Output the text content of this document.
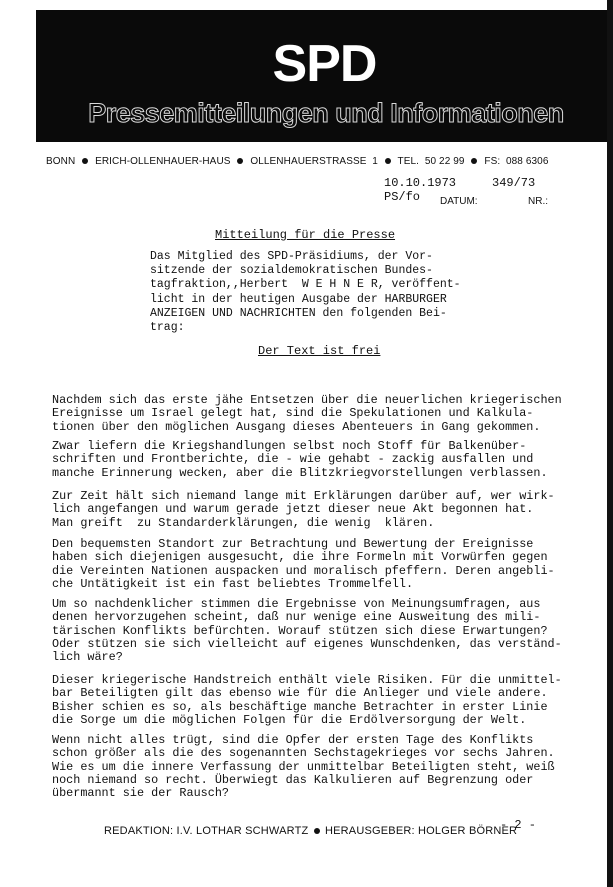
SPD
Pressemitteilungen und Informationen
BONN ERICH-OLLENHAUER-HAUS OLLENHAUERSTRASSE 1 TEL. 50 22 99 FS: 088 6306
10.10.1973	349/73
PS/fo DATUM:	NR.:
Mitteilung für die Presse
Das Mitglied des SPD-Präsidiums, der Vor-
sitzende der sozialdemokratischen Bundes-
tagfraktion,,Herbert  W E H N E R, veröffent-
licht in der heutigen Ausgabe der HARBURGER
ANZEIGEN UND NACHRICHTEN den folgenden Bei-
trag:
Der Text ist frei
Nachdem sich das erste jähe Entsetzen über die neuerlichen kriegerischen
Ereignisse um Israel gelegt hat, sind die Spekulationen und Kalkula-
tionen über den möglichen Ausgang dieses Abenteuers in Gang gekommen.
Zwar liefern die Kriegshandlungen selbst noch Stoff für Balkenüber-
schriften und Frontberichte, die - wie gehabt - zackig ausfallen und
manche Erinnerung wecken, aber die Blitzkriegvorstellungen verblassen.
Zur Zeit hält sich niemand lange mit Erklärungen darüber auf, wer wirk-
lich angefangen und warum gerade jetzt dieser neue Akt begonnen hat.
Man greift  zu Standarderklärungen, die wenig  klären.
Den bequemsten Standort zur Betrachtung und Bewertung der Ereignisse
haben sich diejenigen ausgesucht, die ihre Formeln mit Vorwürfen gegen
die Vereinten Nationen auspacken und moralisch pfeffern. Deren angebli-
che Untätigkeit ist ein fast beliebtes Trommelfell.
Um so nachdenklicher stimmen die Ergebnisse von Meinungsumfragen, aus
denen hervorzugehen scheint, daß nur wenige eine Ausweitung des mili-
tärischen Konflikts befürchten. Worauf stützen sich diese Erwartungen?
Oder stützen sie sich vielleicht auf eigenes Wunschdenken, das verständ-
lich wäre?
Dieser kriegerische Handstreich enthält viele Risiken. Für die unmittel-
bar Beteiligten gilt das ebenso wie für die Anlieger und viele andere.
Bisher schien es so, als beschäftige manche Betrachter in erster Linie
die Sorge um die möglichen Folgen für die Erdölversorgung der Welt.
Wenn nicht alles trügt, sind die Opfer der ersten Tage des Konflikts
schon größer als die des sogenannten Sechstagekrieges vor sechs Jahren.
Wie es um die innere Verfassung der unmittelbar Beteiligten steht, weiß
noch niemand so recht. Überwiegt das Kalkulieren auf Begrenzung oder
übermannt sie der Rausch?
- 2 -
REDAKTION: I.V. LOTHAR SCHWARTZ HERAUSGEBER: HOLGER BÖRNER
